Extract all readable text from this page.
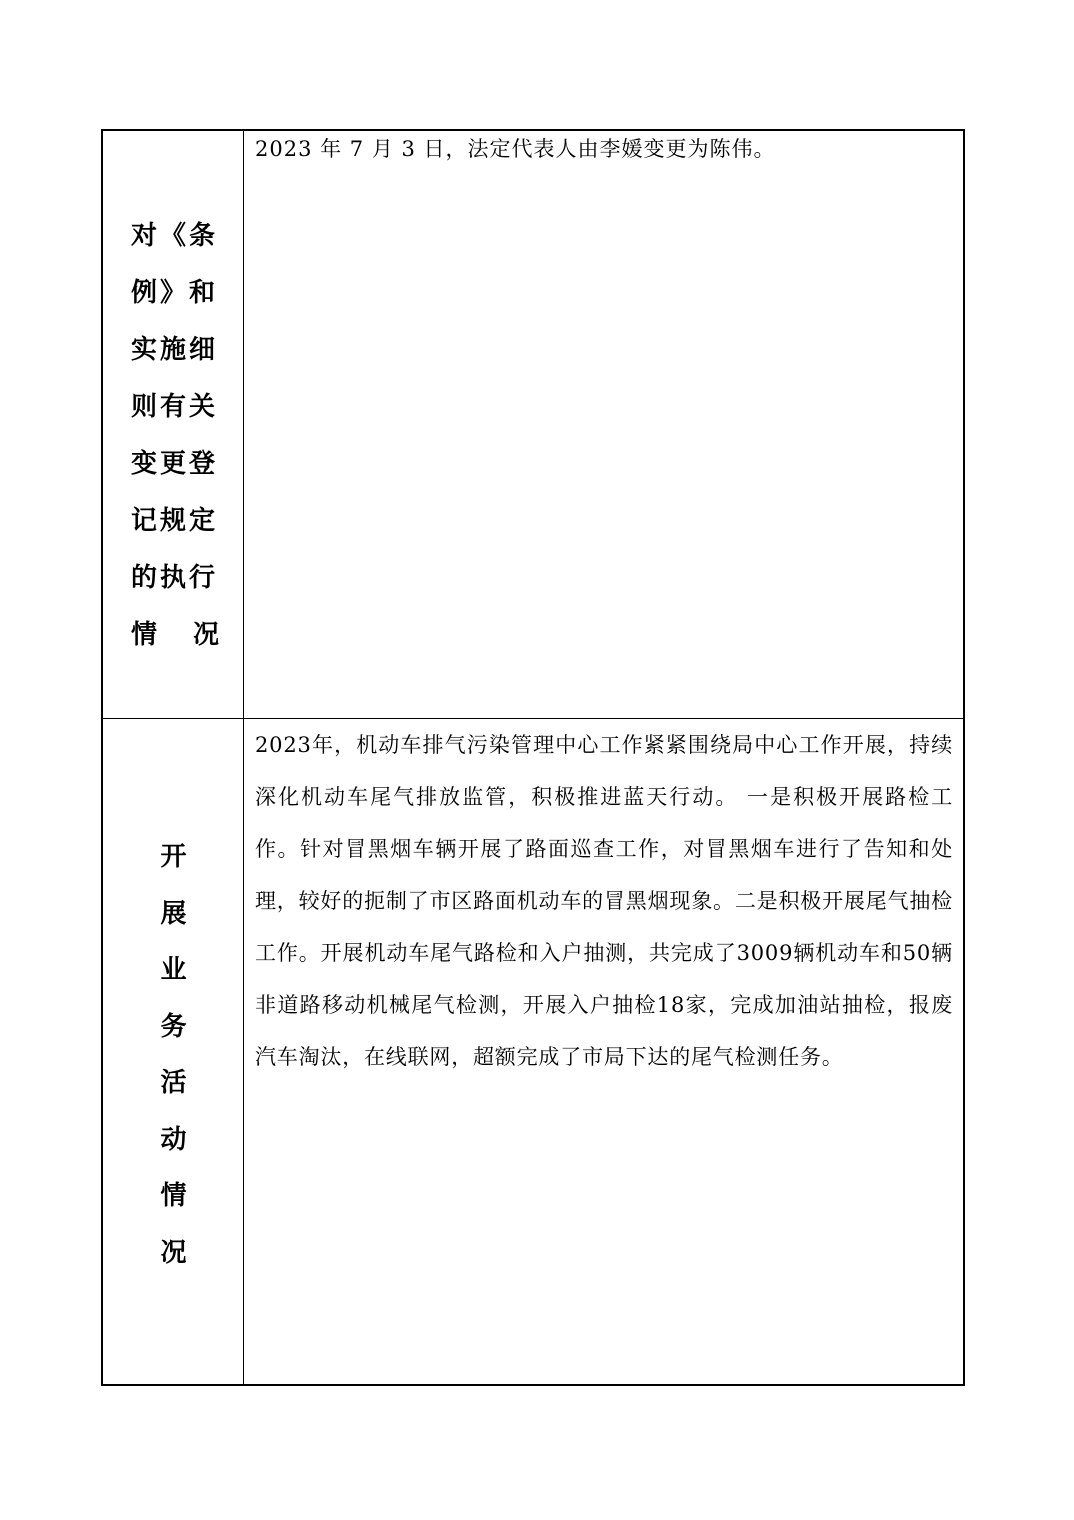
对《条
例》和
实施细
则有关
变更登
记规定
的执行
情 况

2023 年 7 月 3 日，法定代表人由李媛变更为陈伟。

开
展
业
务
活
动
情
况

2023年，机动车排气污染管理中心工作紧紧围绕局中心工作开展，持续深化机动车尾气排放监管，积极推进蓝天行动。 一是积极开展路检工作。针对冒黑烟车辆开展了路面巡查工作，对冒黑烟车进行了告知和处理，较好的扼制了市区路面机动车的冒黑烟现象。二是积极开展尾气抽检工作。开展机动车尾气路检和入户抽测，共完成了3009辆机动车和50辆非道路移动机械尾气检测，开展入户抽检18家，完成加油站抽检，报废汽车淘汰，在线联网，超额完成了市局下达的尾气检测任务。
